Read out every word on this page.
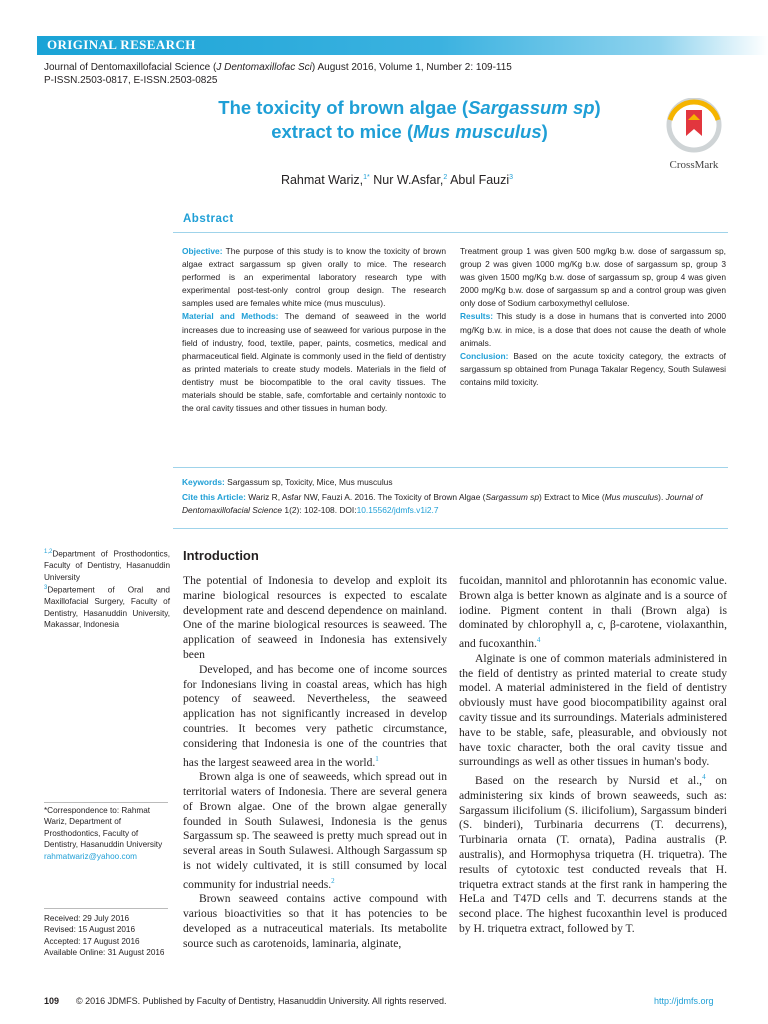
ORIGINAL RESEARCH
Journal of Dentomaxillofacial Science (J Dentomaxillofac Sci) August 2016, Volume 1, Number 2: 109-115
P-ISSN.2503-0817, E-ISSN.2503-0825
The toxicity of brown algae (Sargassum sp)
extract to mice (Mus musculus)
CrossMark
Rahmat Wariz,$^{1*}$ Nur W.Asfar,$^2$ Abul Fauzi$^3$
Abstract

Objective: The purpose of this study is to know the toxicity of brown algae extract sargassum sp given orally to mice. The research performed is an experimental laboratory research type with experimental post-test-only control group design. The research samples used are females white mice (mus musculus).

Material and Methods: The demand of seaweed in the world increases due to increasing use of seaweed for various purpose in the field of industry, food, textile, paper, paints, cosmetics, medical and pharmaceutical field. Alginate is commonly used in the field of dentistry as printed materials to create study models. Materials in the field of dentistry must be biocompatible to the oral cavity tissues. The materials should be stable, safe, comfortable and certainly nontoxic to the oral cavity tissues and other tissues in human body.

Treatment group 1 was given 500 mg/kg b.w. dose of sargassum sp, group 2 was given 1000 mg/Kg b.w. dose of sargassum sp, group 3 was given 1500 mg/Kg b.w. dose of sargassum sp, group 4 was given 2000 mg/Kg b.w. dose of sargassum sp and a control group was given only dose of Sodium carboxymethyl cellulose.

Results: This study is a dose in humans that is converted into 2000 mg/Kg b.w. in mice, is a dose that does not cause the death of whole animals.

Conclusion: Based on the acute toxicity category, the extracts of sargassum sp obtained from Punaga Takalar Regency, South Sulawesi contains mild toxicity.

Keywords: Sargassum sp, Toxicity, Mice, Mus musculus
Cite this Article: Wariz R, Asfar NW, Fauzi A. 2016. The Toxicity of Brown Algae (Sargassum sp) Extract to Mice (Mus musculus). Journal of Dentomaxillofacial Science 1(2): 102-108. DOI:10.15562/jdmfs.v1i2.7
$^{1,2}$Department of Prosthodontics, Faculty of Dentistry, Hasanuddin University
$^3$Departement of Oral and Maxillofacial Surgery, Faculty of Dentistry, Hasanuddin University, Makassar, Indonesia
*Correspondence to: Rahmat Wariz, Department of Prosthodontics, Faculty of Dentistry, Hasanuddin University
rahmatwariz@yahoo.com
Received: 29 July 2016
Revised: 15 August 2016
Accepted: 17 August 2016
Available Online: 31 August 2016
Introduction

The potential of Indonesia to develop and exploit its marine biological resources is expected to escalate development rate and descend dependence on mainland. One of the marine biological resources is seaweed. The application of seaweed in Indonesia has extensively been

Developed, and has become one of income sources for Indonesians living in coastal areas, which has high potency of seaweed. Nevertheless, the seaweed application has not significantly increased in develop countries. It becomes very pathetic circumstance, considering that Indonesia is one of the countries that has the largest seaweed area in the world.$^1$

Brown alga is one of seaweeds, which spread out in territorial waters of Indonesia. There are several genera of Brown algae. One of the brown algae generally founded in South Sulawesi, Indonesia is the genus Sargassum sp. The seaweed is pretty much spread out in several areas in South Sulawesi. Although Sargassum sp is not widely cultivated, it is still consumed by local community for industrial needs.$^2$

Brown seaweed contains active compound with various bioactivities so that it has potencies to be developed as a nutraceutical materials. Its metabolite source such as carotenoids, laminaria, alginate,

fucoidan, mannitol and phlorotannin has economic value. Brown alga is better known as alginate and is a source of iodine. Pigment content in thali (Brown alga) is dominated by chlorophyll a, c, β-carotene, violaxanthin, and fucoxanthin.$^4$

Alginate is one of common materials administered in the field of dentistry as printed material to create study model. A material administered in the field of dentistry obviously must have good biocompatibility against oral cavity tissue and its surroundings. Materials administered have to be stable, safe, pleasurable, and obviously not have toxic character, both the oral cavity tissue and surroundings as well as other tissues in human's body.

Based on the research by Nursid et al.,$^4$ on administering six kinds of brown seaweeds, such as: Sargassum ilicifolium (S. ilicifolium), Sargassum binderi (S. binderi), Turbinaria decurrens (T. decurrens), Turbinaria ornata (T. ornata), Padina australis (P. australis), and Hormophysa triquetra (H. triquetra). The results of cytotoxic test conducted reveals that H. triquetra extract stands at the first rank in hampering the HeLa and T47D cells and T. decurrens stands at the second place. The highest fucoxanthin level is produced by H. triquetra extract, followed by T.

109 © 2016 JDMFS. Published by Faculty of Dentistry, Hasanuddin University. All rights reserved.	http://jdmfs.org
